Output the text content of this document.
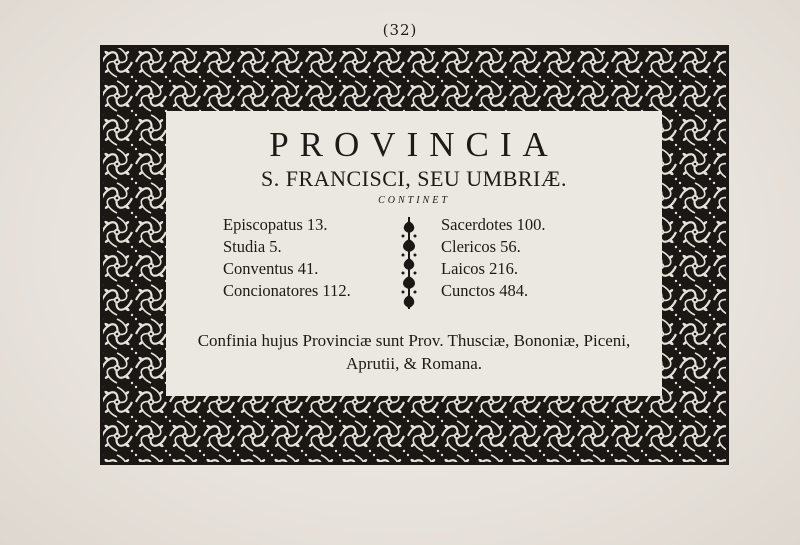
(32)
PROVINCIA
S. FRANCISCI, SEU UMBRIÆ.
CONTINET
Episcopatus 13.
Studia 5.
Conventus 41.
Concionatores 112.
Sacerdotes 100.
Clericos 56.
Laicos 216.
Cunctos 484.
Confinia hujus Provinciæ sunt Prov. Thusciæ, Bononiæ, Piceni,
Aprutii, & Romana.
